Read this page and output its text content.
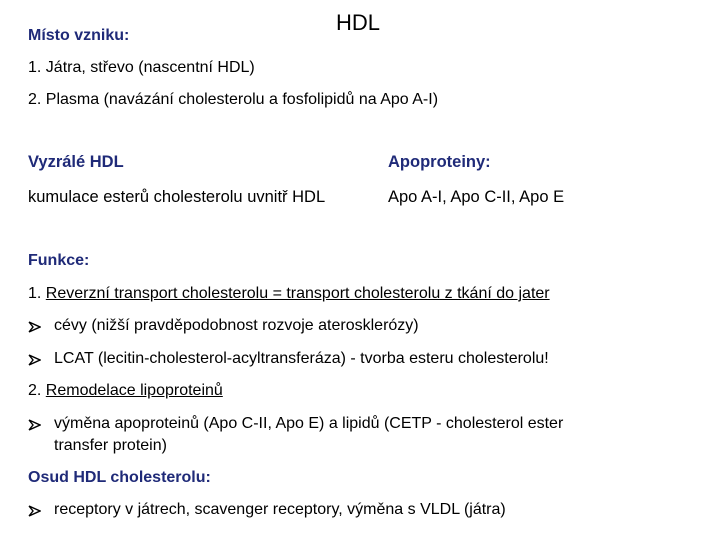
HDL
Místo vzniku:
1. Játra, střevo (nascentní HDL)
2. Plasma (navázání cholesterolu a fosfolipidů na Apo A-I)
Vyzrálé HDL	Apoproteiny:
kumulace esterů cholesterolu uvnitř HDL	Apo A-I, Apo C-II, Apo E
Funkce:
1. Reverzní transport cholesterolu = transport cholesterolu z tkání do jater
cévy (nižší pravděpodobnost rozvoje aterosklerózy)
LCAT (lecitin-cholesterol-acyltransferáza) - tvorba esteru cholesterolu!
2. Remodelace lipoproteinů
výměna apoproteinů (Apo C-II, Apo E) a lipidů (CETP - cholesterol ester
transfer protein)
Osud HDL cholesterolu:
receptory v játrech, scavenger receptory, výměna s VLDL (játra)
